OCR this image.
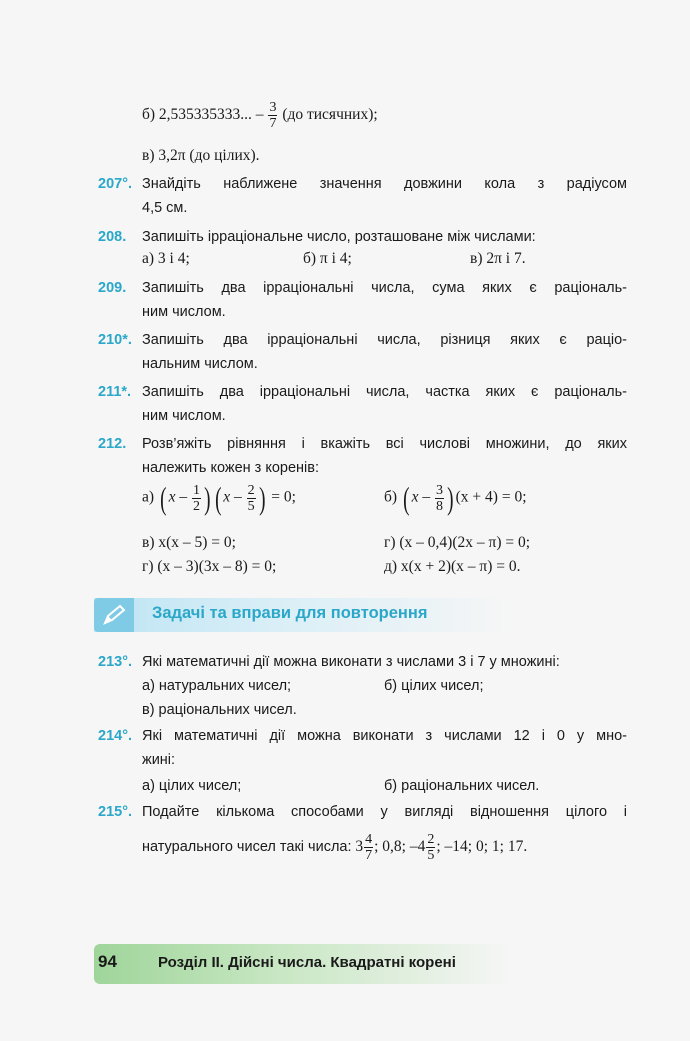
б) 2,535335333... – $\frac{3}{7} (до$ тисячних);
в) 3,2π (до цілих).
207°. Знайдіть наближене значення довжини кола з радіусом
4,5 см.
208. Запишіть ірраціональне число, розташоване між числами:
а) 3 і 4;	б) π і 4;	в) 2π і 7.
209. Запишіть два ірраціональні числа, сума яких є раціональ-
ним числом.
210*. Запишіть два ірраціональні числа, різниця яких є раціо-
нальним числом.
211*. Запишіть два ірраціональні числа, частка яких є раціональ-
ним числом.
212. Розв’яжіть рівняння і вкажіть всі числові множини, до яких
належить кожен з коренів:
а) ( x – $\frac{1}{2}$ ) ( x – $\frac{2}{5}$ ) = 0;	б) ( x – $\frac{3}{8}$ ) (x + 4) = 0;
в) x(x – 5) = 0;	г) (x – 0,4)(2x – π) = 0;
г) (x – 3)(3x – 8) = 0;	д) x(x + 2)(x – π) = 0.
Задачі та вправи для повторення
213°. Які математичні дії можна виконати з числами 3 і 7 у множині:
а) натуральних чисел;	б) цілих чисел;
в) раціональних чисел.
214°. Які математичні дії можна виконати з числами 12 і 0 у мно-
жині:
а) цілих чисел;	б) раціональних чисел.
215°. Подайте кількома способами у вигляді відношення цілого і
натурального чисел такі числа: $3 \frac{4}{7}$ ; 0,8; $-4 \frac{2}{5}$ ; –14; 0; 1; 17.
94	Розділ II. Дійсні числа. Квадратні корені
